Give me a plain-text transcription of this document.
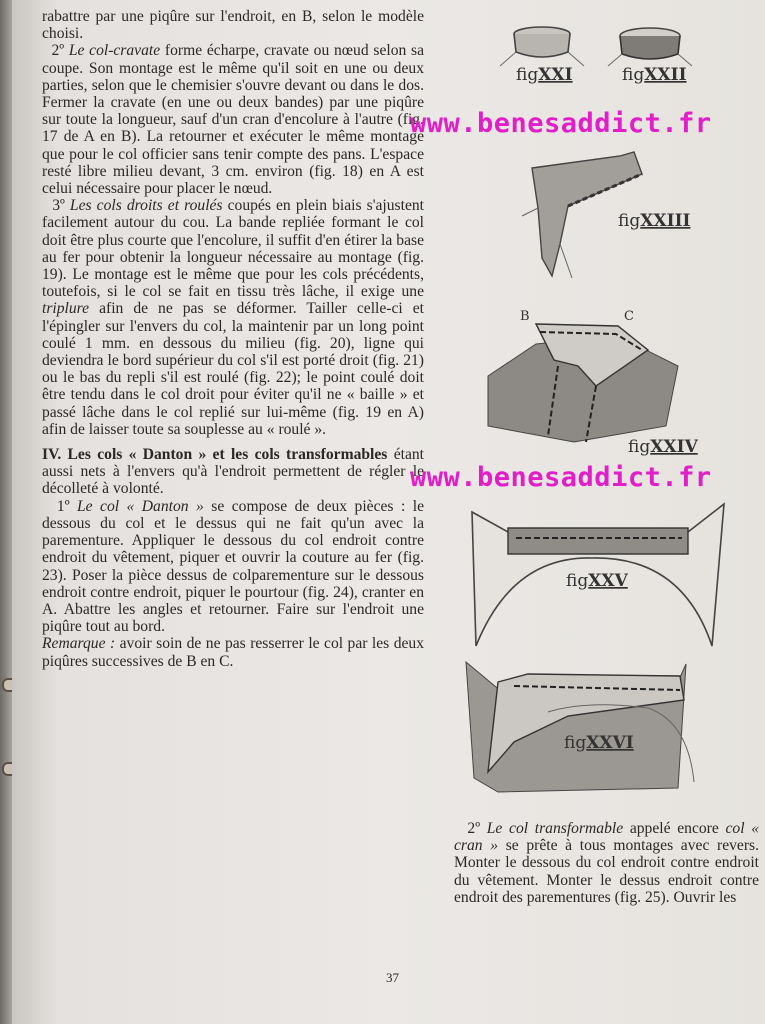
rabattre par une piqûre sur l'endroit, en B, selon le modèle choisi.

2º Le col-cravate forme écharpe, cravate ou nœud selon sa coupe. Son montage est le même qu'il soit en une ou deux parties, selon que le chemisier s'ouvre devant ou dans le dos. Fermer la cravate (en une ou deux bandes) par une piqûre sur toute la longueur, sauf d'un cran d'encolure à l'autre (fig. 17 de A en B). La retourner et exécuter le même montage que pour le col officier sans tenir compte des pans. L'espace resté libre milieu devant, 3 cm. environ (fig. 18) en A est celui nécessaire pour placer le nœud.

3º Les cols droits et roulés coupés en plein biais s'ajustent facilement autour du cou. La bande repliée formant le col doit être plus courte que l'encolure, il suffit d'en étirer la base au fer pour obtenir la longueur nécessaire au montage (fig. 19). Le montage est le même que pour les cols précédents, toutefois, si le col se fait en tissu très lâche, il exige une triplure afin de ne pas se déformer. Tailler celle-ci et l'épingler sur l'envers du col, la maintenir par un long point coulé 1 mm. en dessous du milieu (fig. 20), ligne qui deviendra le bord supérieur du col s'il est porté droit (fig. 21) ou le bas du repli s'il est roulé (fig. 22); le point coulé doit être tendu dans le col droit pour éviter qu'il ne « baille » et passé lâche dans le col replié sur lui-même (fig. 19 en A) afin de laisser toute sa souplesse au « roulé ».

IV. Les cols « Danton » et les cols transformables étant aussi nets à l'envers qu'à l'endroit permettent de régler le décolleté à volonté.

1º Le col « Danton » se compose de deux pièces : le dessous du col et le dessus qui ne fait qu'un avec la parementure. Appliquer le dessous du col endroit contre endroit du vêtement, piquer et ouvrir la couture au fer (fig. 23). Poser la pièce dessus de colparementure sur le dessous endroit contre endroit, piquer le pourtour (fig. 24), cranter en A. Abattre les angles et retourner. Faire sur l'endroit une piqûre tout au bord.

Remarque : avoir soin de ne pas resserrer le col par les deux piqûres successives de B en C.

figXXI	figXXII
www.benesaddict.fr
figXXIII
B	C
figXXIV
www.benesaddict.fr
figXXV
figXXVI

2º Le col transformable appelé encore col « cran » se prête à tous montages avec revers. Monter le dessous du col endroit contre endroit du vêtement. Monter le dessus endroit contre endroit des parementures (fig. 25). Ouvrir les

37
